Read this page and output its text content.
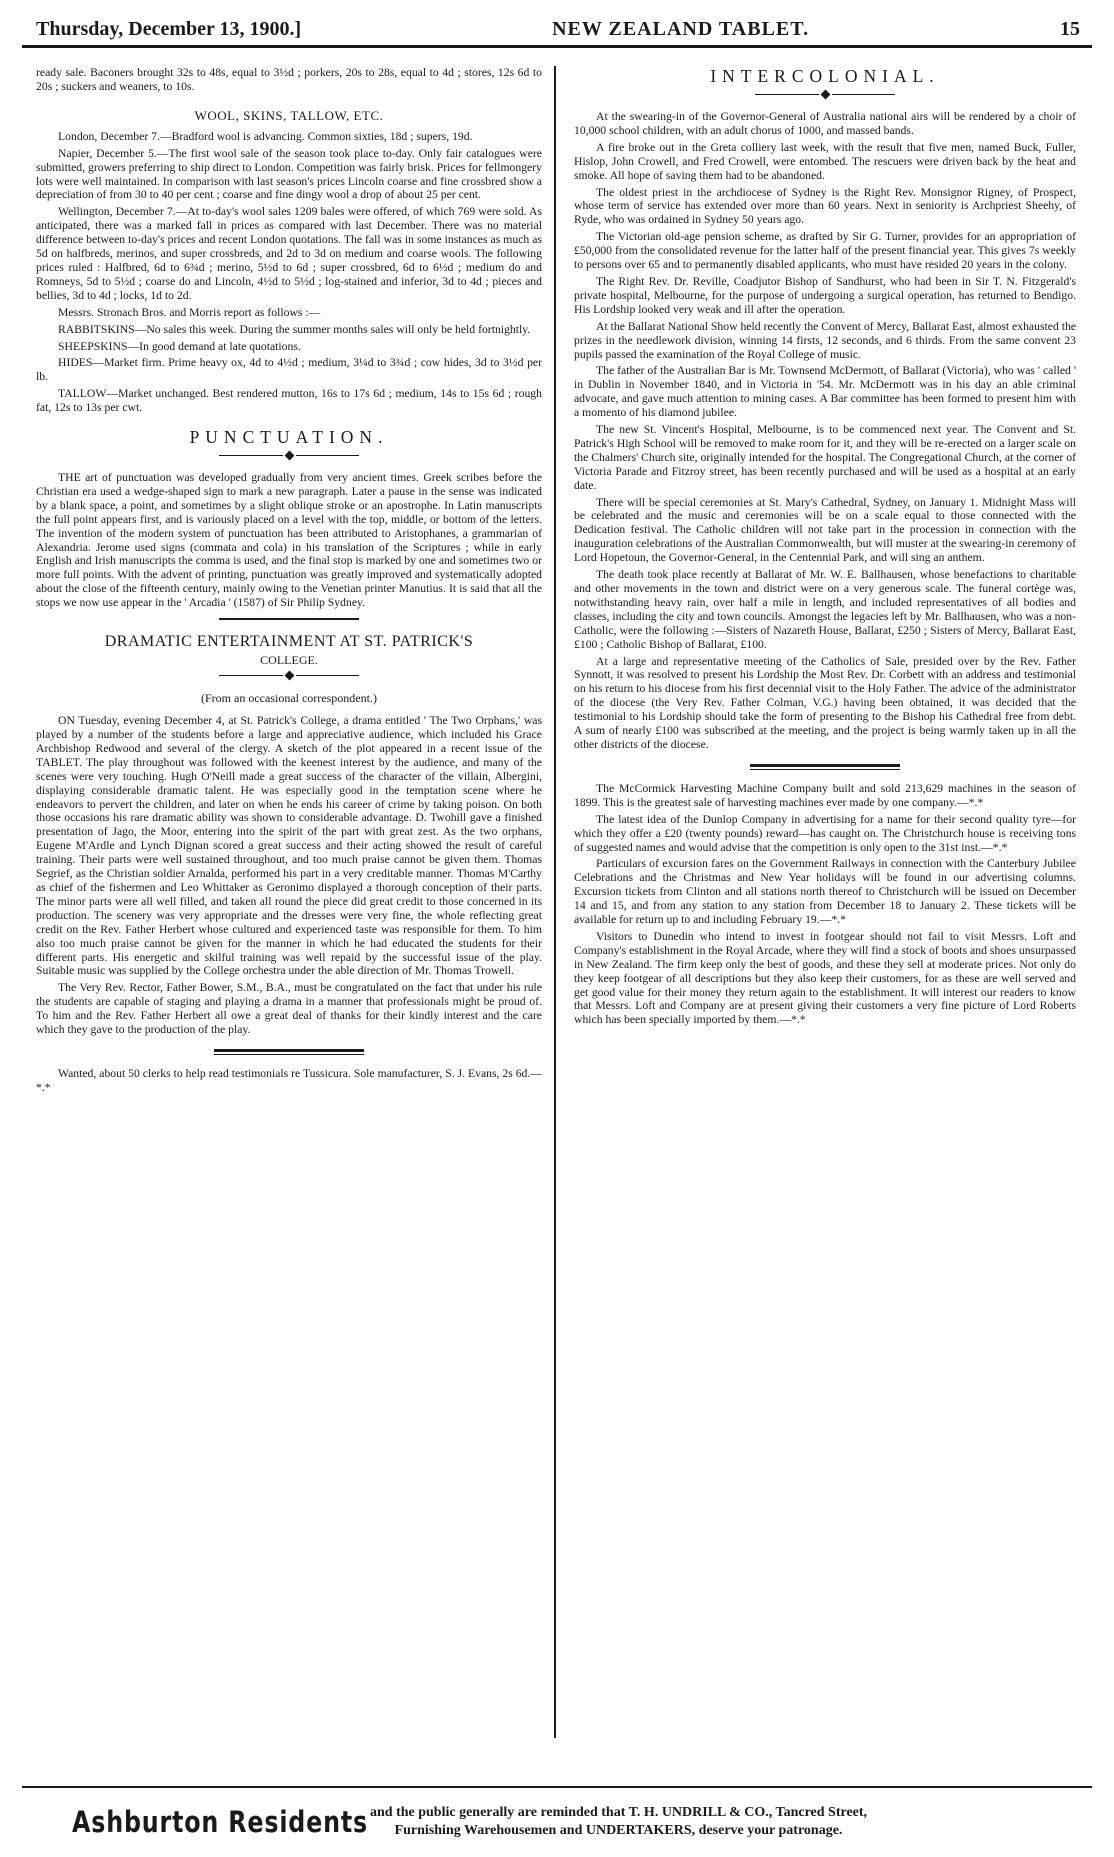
Thursday, December 13, 1900.]	NEW ZEALAND TABLET.	15

ready sale. Baconers brought 32s to 48s, equal to 3½d ; porkers, 20s to 28s, equal to 4d ; stores, 12s 6d to 20s ; suckers and weaners, to 10s.

WOOL, SKINS, TALLOW, ETC.

London, December 7.—Bradford wool is advancing. Common sixties, 18d ; supers, 19d.

Napier, December 5.—The first wool sale of the season took place to-day. Only fair catalogues were submitted, growers preferring to ship direct to London. Competition was fairly brisk. Prices for fellmongery lots were well maintained. In comparison with last season's prices Lincoln coarse and fine crossbred show a depreciation of from 30 to 40 per cent ; coarse and fine dingy wool a drop of about 25 per cent.

Wellington, December 7.—At to-day's wool sales 1209 bales were offered, of which 769 were sold. As anticipated, there was a marked fall in prices as compared with last December. There was no material difference between to-day's prices and recent London quotations. The fall was in some instances as much as 5d on halfbreds, merinos, and super crossbreds, and 2d to 3d on medium and coarse wools. The following prices ruled : Halfbred, 6d to 6¾d ; merino, 5½d to 6d ; super crossbred, 6d to 6½d ; medium do and Romneys, 5d to 5½d ; coarse do and Lincoln, 4½d to 5½d ; log-stained and inferior, 3d to 4d ; pieces and bellies, 3d to 4d ; locks, 1d to 2d.

Messrs. Stronach Bros. and Morris report as follows :—

RABBITSKINS—No sales this week. During the summer months sales will only be held fortnightly.

SHEEPSKINS—In good demand at late quotations.

HIDES—Market firm. Prime heavy ox, 4d to 4½d ; medium, 3¼d to 3¾d ; cow hides, 3d to 3½d per lb.

TALLOW—Market unchanged. Best rendered mutton, 16s to 17s 6d ; medium, 14s to 15s 6d ; rough fat, 12s to 13s per cwt.

PUNCTUATION.

THE art of punctuation was developed gradually from very ancient times. Greek scribes before the Christian era used a wedge-shaped sign to mark a new paragraph. Later a pause in the sense was indicated by a blank space, a point, and sometimes by a slight oblique stroke or an apostrophe. In Latin manuscripts the full point appears first, and is variously placed on a level with the top, middle, or bottom of the letters. The invention of the modern system of punctuation has been attributed to Aristophanes, a grammarian of Alexandria. Jerome used signs (commata and cola) in his translation of the Scriptures ; while in early English and Irish manuscripts the comma is used, and the final stop is marked by one and sometimes two or more full points. With the advent of printing, punctuation was greatly improved and systematically adopted about the close of the fifteenth century, mainly owing to the Venetian printer Manutius. It is said that all the stops we now use appear in the ' Arcadia ' (1587) of Sir Philip Sydney.

DRAMATIC ENTERTAINMENT AT ST. PATRICK'S
COLLEGE.
(From an occasional correspondent.)

ON Tuesday, evening December 4, at St. Patrick's College, a drama entitled ' The Two Orphans,' was played by a number of the students before a large and appreciative audience, which included his Grace Archbishop Redwood and several of the clergy. A sketch of the plot appeared in a recent issue of the TABLET. The play throughout was followed with the keenest interest by the audience, and many of the scenes were very touching. Hugh O'Neill made a great success of the character of the villain, Albergini, displaying considerable dramatic talent. He was especially good in the temptation scene where he endeavors to pervert the children, and later on when he ends his career of crime by taking poison. On both those occasions his rare dramatic ability was shown to considerable advantage. D. Twohill gave a finished presentation of Jago, the Moor, entering into the spirit of the part with great zest. As the two orphans, Eugene M'Ardle and Lynch Dignan scored a great success and their acting showed the result of careful training. Their parts were well sustained throughout, and too much praise cannot be given them. Thomas Segrief, as the Christian soldier Arnalda, performed his part in a very creditable manner. Thomas M'Carthy as chief of the fishermen and Leo Whittaker as Geronimo displayed a thorough conception of their parts. The minor parts were all well filled, and taken all round the piece did great credit to those concerned in its production. The scenery was very appropriate and the dresses were very fine, the whole reflecting great credit on the Rev. Father Herbert whose cultured and experienced taste was responsible for them. To him also too much praise cannot be given for the manner in which he had educated the students for their different parts. His energetic and skilful training was well repaid by the successful issue of the play. Suitable music was supplied by the College orchestra under the able direction of Mr. Thomas Trowell.

The Very Rev. Rector, Father Bower, S.M., B.A., must be congratulated on the fact that under his rule the students are capable of staging and playing a drama in a manner that professionals might be proud of. To him and the Rev. Father Herbert all owe a great deal of thanks for their kindly interest and the care which they gave to the production of the play.

Wanted, about 50 clerks to help read testimonials re Tussicura. Sole manufacturer, S. J. Evans, 2s 6d.—*.*

INTERCOLONIAL.

At the swearing-in of the Governor-General of Australia national airs will be rendered by a choir of 10,000 school children, with an adult chorus of 1000, and massed bands.

A fire broke out in the Greta colliery last week, with the result that five men, named Buck, Fuller, Hislop, John Crowell, and Fred Crowell, were entombed. The rescuers were driven back by the heat and smoke. All hope of saving them had to be abandoned.

The oldest priest in the archdiocese of Sydney is the Right Rev. Monsignor Rigney, of Prospect, whose term of service has extended over more than 60 years. Next in seniority is Archpriest Sheehy, of Ryde, who was ordained in Sydney 50 years ago.

The Victorian old-age pension scheme, as drafted by Sir G. Turner, provides for an appropriation of £50,000 from the consolidated revenue for the latter half of the present financial year. This gives 7s weekly to persons over 65 and to permanently disabled applicants, who must have resided 20 years in the colony.

The Right Rev. Dr. Reville, Coadjutor Bishop of Sandhurst, who had been in Sir T. N. Fitzgerald's private hospital, Melbourne, for the purpose of undergoing a surgical operation, has returned to Bendigo. His Lordship looked very weak and ill after the operation.

At the Ballarat National Show held recently the Convent of Mercy, Ballarat East, almost exhausted the prizes in the needlework division, winning 14 firsts, 12 seconds, and 6 thirds. From the same convent 23 pupils passed the examination of the Royal College of music.

The father of the Australian Bar is Mr. Townsend McDermott, of Ballarat (Victoria), who was ' called ' in Dublin in November 1840, and in Victoria in '54. Mr. McDermott was in his day an able criminal advocate, and gave much attention to mining cases. A Bar committee has been formed to present him with a momento of his diamond jubilee.

The new St. Vincent's Hospital, Melbourne, is to be commenced next year. The Convent and St. Patrick's High School will be removed to make room for it, and they will be re-erected on a larger scale on the Chalmers' Church site, originally intended for the hospital. The Congregational Church, at the corner of Victoria Parade and Fitzroy street, has been recently purchased and will be used as a hospital at an early date.

There will be special ceremonies at St. Mary's Cathedral, Sydney, on January 1. Midnight Mass will be celebrated and the music and ceremonies will be on a scale equal to those connected with the Dedication festival. The Catholic children will not take part in the procession in connection with the inauguration celebrations of the Australian Commonwealth, but will muster at the swearing-in ceremony of Lord Hopetoun, the Governor-General, in the Centennial Park, and will sing an anthem.

The death took place recently at Ballarat of Mr. W. E. Ballhausen, whose benefactions to charitable and other movements in the town and district were on a very generous scale. The funeral cortège was, notwithstanding heavy rain, over half a mile in length, and included representatives of all bodies and classes, including the city and town councils. Amongst the legacies left by Mr. Ballhausen, who was a non-Catholic, were the following :—Sisters of Nazareth House, Ballarat, £250 ; Sisters of Mercy, Ballarat East, £100 ; Catholic Bishop of Ballarat, £100.

At a large and representative meeting of the Catholics of Sale, presided over by the Rev. Father Synnott, it was resolved to present his Lordship the Most Rev. Dr. Corbett with an address and testimonial on his return to his diocese from his first decennial visit to the Holy Father. The advice of the administrator of the diocese (the Very Rev. Father Colman, V.G.) having been obtained, it was decided that the testimonial to his Lordship should take the form of presenting to the Bishop his Cathedral free from debt. A sum of nearly £100 was subscribed at the meeting, and the project is being warmly taken up in all the other districts of the diocese.

The McCormick Harvesting Machine Company built and sold 213,629 machines in the season of 1899. This is the greatest sale of harvesting machines ever made by one company.—*.*

The latest idea of the Dunlop Company in advertising for a name for their second quality tyre—for which they offer a £20 (twenty pounds) reward—has caught on. The Christchurch house is receiving tons of suggested names and would advise that the competition is only open to the 31st inst.—*.*

Particulars of excursion fares on the Government Railways in connection with the Canterbury Jubilee Celebrations and the Christmas and New Year holidays will be found in our advertising columns. Excursion tickets from Clinton and all stations north thereof to Christchurch will be issued on December 14 and 15, and from any station to any station from December 18 to January 2. These tickets will be available for return up to and including February 19.—*.*

Visitors to Dunedin who intend to invest in footgear should not fail to visit Messrs. Loft and Company's establishment in the Royal Arcade, where they will find a stock of boots and shoes unsurpassed in New Zealand. The firm keep only the best of goods, and these they sell at moderate prices. Not only do they keep footgear of all descriptions but they also keep their customers, for as these are well served and get good value for their money they return again to the establishment. It will interest our readers to know that Messrs. Loft and Company are at present giving their customers a very fine picture of Lord Roberts which has been specially imported by them.—*.*

Ashburton Residents and the public generally are reminded that T. H. UNDRILL & CO., Tancred Street,
Furnishing Warehousemen and UNDERTAKERS, deserve your patronage.
